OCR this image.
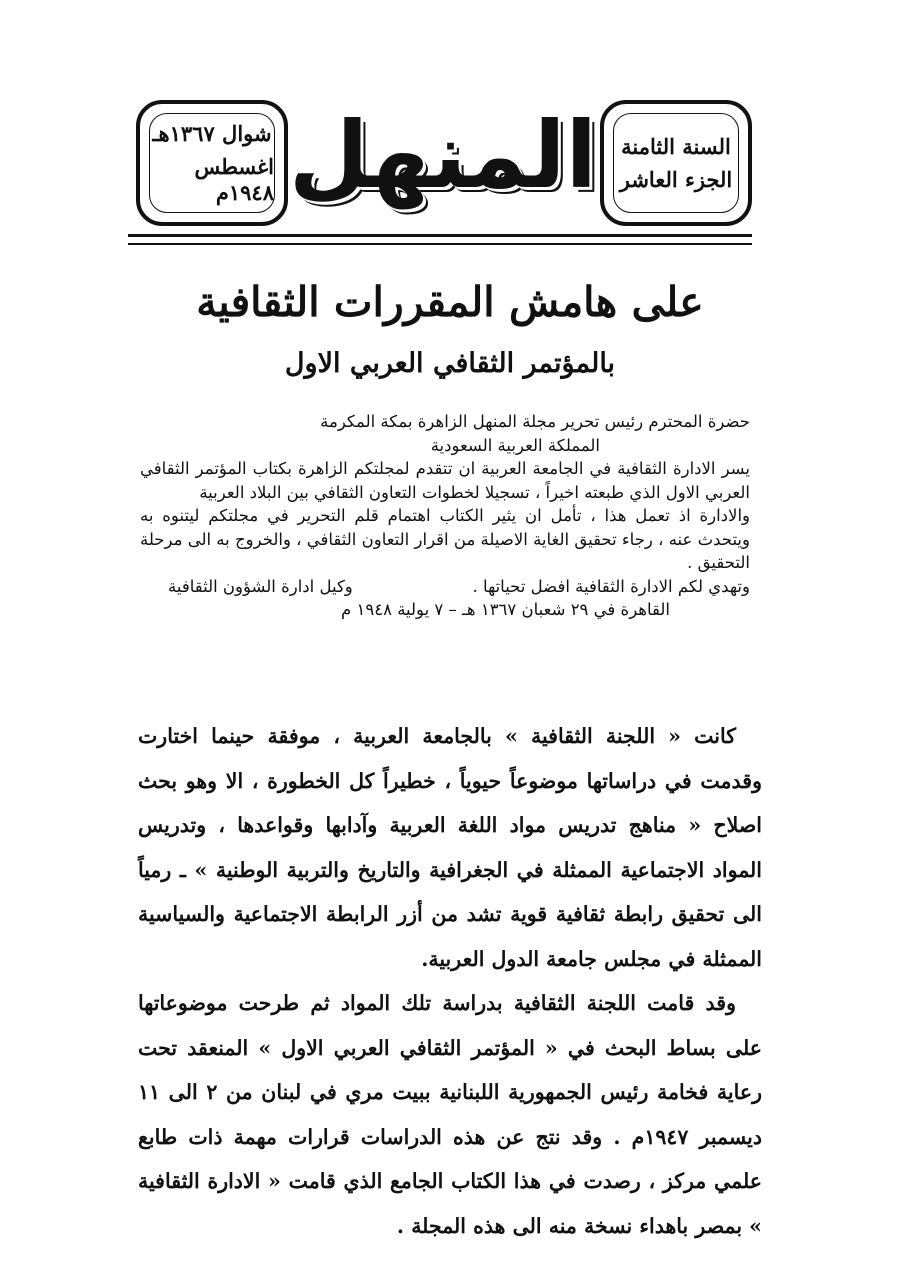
السنة الثامنة
الجزء العاشر
المنهل
شوال ١٣٦٧هـ
اغسطس ١٩٤٨م
على هامش المقررات الثقافية
بالمؤتمر الثقافي العربي الاول

حضرة المحترم رئيس تحرير مجلة المنهل الزاهرة بمكة المكرمة

المملكة العربية السعودية

يسر الادارة الثقافية في الجامعة العربية ان تتقدم لمجلتكم الزاهرة بكتاب المؤتمر الثقافي العربي الاول الذي طبعته اخيراً ، تسجيلا لخطوات التعاون الثقافي بين البلاد العربية

والادارة اذ تعمل هذا ، تأمل ان يثير الكتاب اهتمام قلم التحرير في مجلتكم ليتنوه به ويتحدث عنه ، رجاء تحقيق الغاية الاصيلة من اقرار التعاون الثقافي ، والخروج به الى مرحلة التحقيق .

وتهدي لكم الادارة الثقافية افضل تحياتها .
وكيل ادارة الشؤون الثقافية

القاهرة في ٢٩ شعبان ١٣٦٧ هـ – ٧ يولية ١٩٤٨ م

كانت « اللجنة الثقافية » بالجامعة العربية ، موفقة حينما اختارت وقدمت في دراساتها موضوعاً حيوياً ، خطيراً كل الخطورة ، الا وهو بحث اصلاح « مناهج تدريس مواد اللغة العربية وآدابها وقواعدها ، وتدريس المواد الاجتماعية الممثلة في الجغرافية والتاريخ والتربية الوطنية » ـ رمياً الى تحقيق رابطة ثقافية قوية تشد من أزر الرابطة الاجتماعية والسياسية الممثلة في مجلس جامعة الدول العربية.

وقد قامت اللجنة الثقافية بدراسة تلك المواد ثم طرحت موضوعاتها على بساط البحث في « المؤتمر الثقافي العربي الاول » المنعقد تحت رعاية فخامة رئيس الجمهورية اللبنانية ببيت مري في لبنان من ٢ الى ١١ ديسمبر ١٩٤٧م . وقد نتج عن هذه الدراسات قرارات مهمة ذات طابع علمي مركز ، رصدت في هذا الكتاب الجامع الذي قامت « الادارة الثقافية » بمصر باهداء نسخة منه الى هذه المجلة .
